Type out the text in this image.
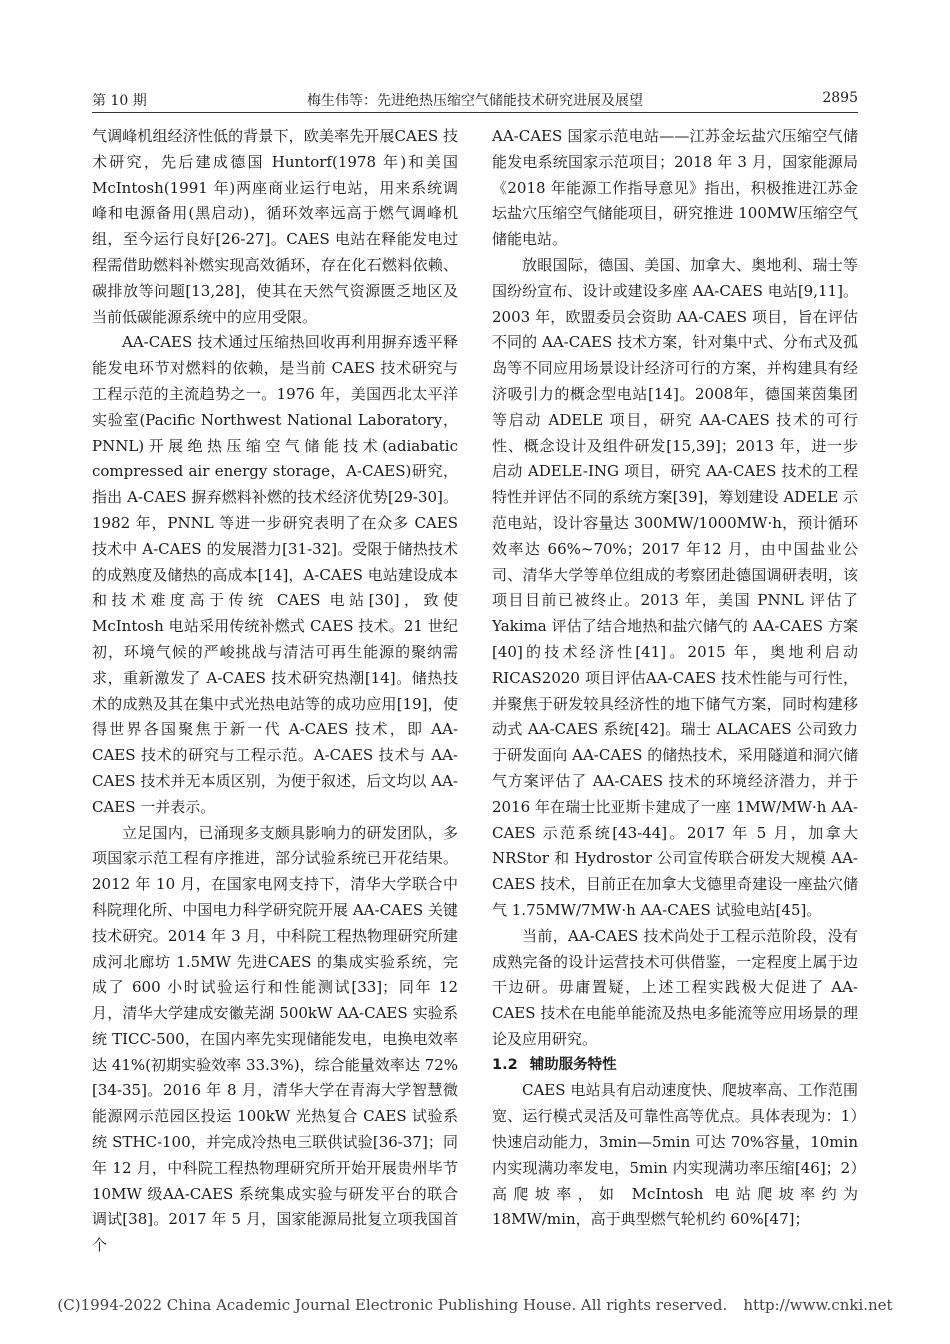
第 10 期	梅生伟等：先进绝热压缩空气储能技术研究进展及展望	2895

气调峰机组经济性低的背景下，欧美率先开展CAES 技术研究，先后建成德国 Huntorf(1978 年)和美国 McIntosh(1991 年)两座商业运行电站，用来系统调峰和电源备用(黑启动)，循环效率远高于燃气调峰机组，至今运行良好[26-27]。CAES 电站在释能发电过程需借助燃料补燃实现高效循环，存在化石燃料依赖、碳排放等问题[13,28]，使其在天然气资源匮乏地区及当前低碳能源系统中的应用受限。

AA-CAES 技术通过压缩热回收再利用摒弃透平释能发电环节对燃料的依赖，是当前 CAES 技术研究与工程示范的主流趋势之一。1976 年，美国西北太平洋实验室(Pacific Northwest National Laboratory，PNNL)开展绝热压缩空气储能技术(adiabatic compressed air energy storage，A-CAES)研究，指出 A-CAES 摒弃燃料补燃的技术经济优势[29-30]。1982 年，PNNL 等进一步研究表明了在众多 CAES 技术中 A-CAES 的发展潜力[31-32]。受限于储热技术的成熟度及储热的高成本[14]，A-CAES 电站建设成本和技术难度高于传统 CAES 电站[30]，致使 McIntosh 电站采用传统补燃式 CAES 技术。21 世纪初，环境气候的严峻挑战与清洁可再生能源的聚纳需求，重新激发了 A-CAES 技术研究热潮[14]。储热技术的成熟及其在集中式光热电站等的成功应用[19]，使得世界各国聚焦于新一代 A-CAES 技术，即 AA-CAES 技术的研究与工程示范。A-CAES 技术与 AA-CAES 技术并无本质区别，为便于叙述，后文均以 AA-CAES 一并表示。

立足国内，已涌现多支颇具影响力的研发团队，多项国家示范工程有序推进，部分试验系统已开花结果。2012 年 10 月，在国家电网支持下，清华大学联合中科院理化所、中国电力科学研究院开展 AA-CAES 关键技术研究。2014 年 3 月，中科院工程热物理研究所建成河北廊坊 1.5MW 先进CAES 的集成实验系统，完成了 600 小时试验运行和性能测试[33]；同年 12 月，清华大学建成安徽芜湖 500kW AA-CAES 实验系统 TICC-500，在国内率先实现储能发电，电换电效率达 41%(初期实验效率 33.3%)，综合能量效率达 72%[34-35]。2016 年 8 月，清华大学在青海大学智慧微能源网示范园区投运 100kW 光热复合 CAES 试验系统 STHC-100，并完成冷热电三联供试验[36-37]；同年 12 月，中科院工程热物理研究所开始开展贵州毕节 10MW 级AA-CAES 系统集成实验与研发平台的联合调试[38]。2017 年 5 月，国家能源局批复立项我国首个

AA-CAES 国家示范电站——江苏金坛盐穴压缩空气储能发电系统国家示范项目；2018 年 3 月，国家能源局《2018 年能源工作指导意见》指出，积极推进江苏金坛盐穴压缩空气储能项目，研究推进 100MW压缩空气储能电站。

放眼国际，德国、美国、加拿大、奥地利、瑞士等国纷纷宣布、设计或建设多座 AA-CAES 电站[9,11]。2003 年，欧盟委员会资助 AA-CAES 项目，旨在评估不同的 AA-CAES 技术方案，针对集中式、分布式及孤岛等不同应用场景设计经济可行的方案，并构建具有经济吸引力的概念型电站[14]。2008年，德国莱茵集团等启动 ADELE 项目，研究 AA-CAES 技术的可行性、概念设计及组件研发[15,39]；2013 年，进一步启动 ADELE-ING 项目，研究 AA-CAES 技术的工程特性并评估不同的系统方案[39]，筹划建设 ADELE 示范电站，设计容量达 300MW/1000MW·h，预计循环效率达 66%~70%；2017 年12 月，由中国盐业公司、清华大学等单位组成的考察团赴德国调研表明，该项目目前已被终止。2013 年，美国 PNNL 评估了 Yakima 评估了结合地热和盐穴储气的 AA-CAES 方案[40]的技术经济性[41]。2015 年，奥地利启动 RICAS2020 项目评估AA-CAES 技术性能与可行性，并聚焦于研发较具经济性的地下储气方案，同时构建移动式 AA-CAES 系统[42]。瑞士 ALACAES 公司致力于研发面向 AA-CAES 的储热技术，采用隧道和洞穴储气方案评估了 AA-CAES 技术的环境经济潜力，并于2016 年在瑞士比亚斯卡建成了一座 1MW/MW·h AA-CAES 示范系统[43-44]。2017 年 5 月，加拿大NRStor 和 Hydrostor 公司宣传联合研发大规模 AA-CAES 技术，目前正在加拿大戈德里奇建设一座盐穴储气 1.75MW/7MW·h AA-CAES 试验电站[45]。

当前，AA-CAES 技术尚处于工程示范阶段，没有成熟完备的设计运营技术可供借鉴，一定程度上属于边干边研。毋庸置疑，上述工程实践极大促进了 AA-CAES 技术在电能单能流及热电多能流等应用场景的理论及应用研究。

1.2 辅助服务特性

CAES 电站具有启动速度快、爬坡率高、工作范围宽、运行模式灵活及可靠性高等优点。具体表现为：1）快速启动能力，3min—5min 可达 70%容量，10min 内实现满功率发电，5min 内实现满功率压缩[46]；2）高爬坡率，如 McIntosh 电站爬坡率约为 18MW/min，高于典型燃气轮机约 60%[47]；

(C)1994-2022 China Academic Journal Electronic Publishing House. All rights reserved. http://www.cnki.net
